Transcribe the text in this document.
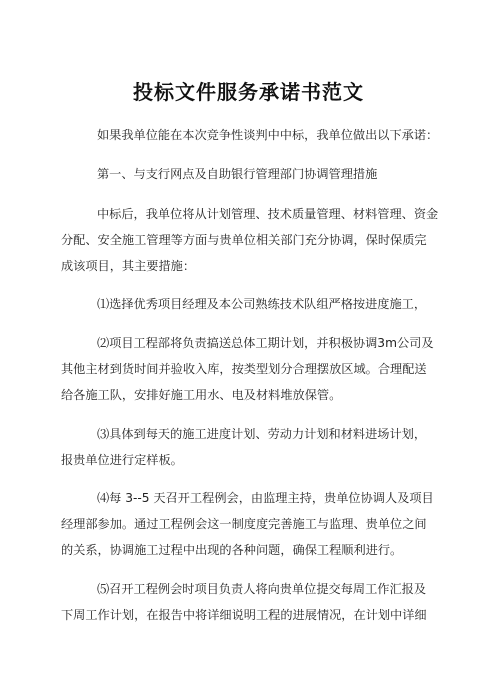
投标文件服务承诺书范文
如果我单位能在本次竞争性谈判中中标，我单位做出以下承诺：
第一、与支行网点及自助银行管理部门协调管理措施
中标后，我单位将从计划管理、技术质量管理、材料管理、资金
分配、安全施工管理等方面与贵单位相关部门充分协调，保时保质完
成该项目，其主要措施：
⑴选择优秀项目经理及本公司熟练技术队组严格按进度施工，
⑵项目工程部将负责搞送总体工期计划，并积极协调3m公司及
其他主材到货时间并验收入库，按类型划分合理摆放区域。合理配送
给各施工队，安排好施工用水、电及材料堆放保管。
⑶具体到每天的施工进度计划、劳动力计划和材料进场计划，
报贵单位进行定样板。
⑷每 3--5 天召开工程例会，由监理主持，贵单位协调人及项目
经理部参加。通过工程例会这一制度度完善施工与监理、贵单位之间
的关系，协调施工过程中出现的各种问题，确保工程顺利进行。
⑸召开工程例会时项目负责人将向贵单位提交每周工作汇报及
下周工作计划，在报告中将详细说明工程的进展情况，在计划中详细
